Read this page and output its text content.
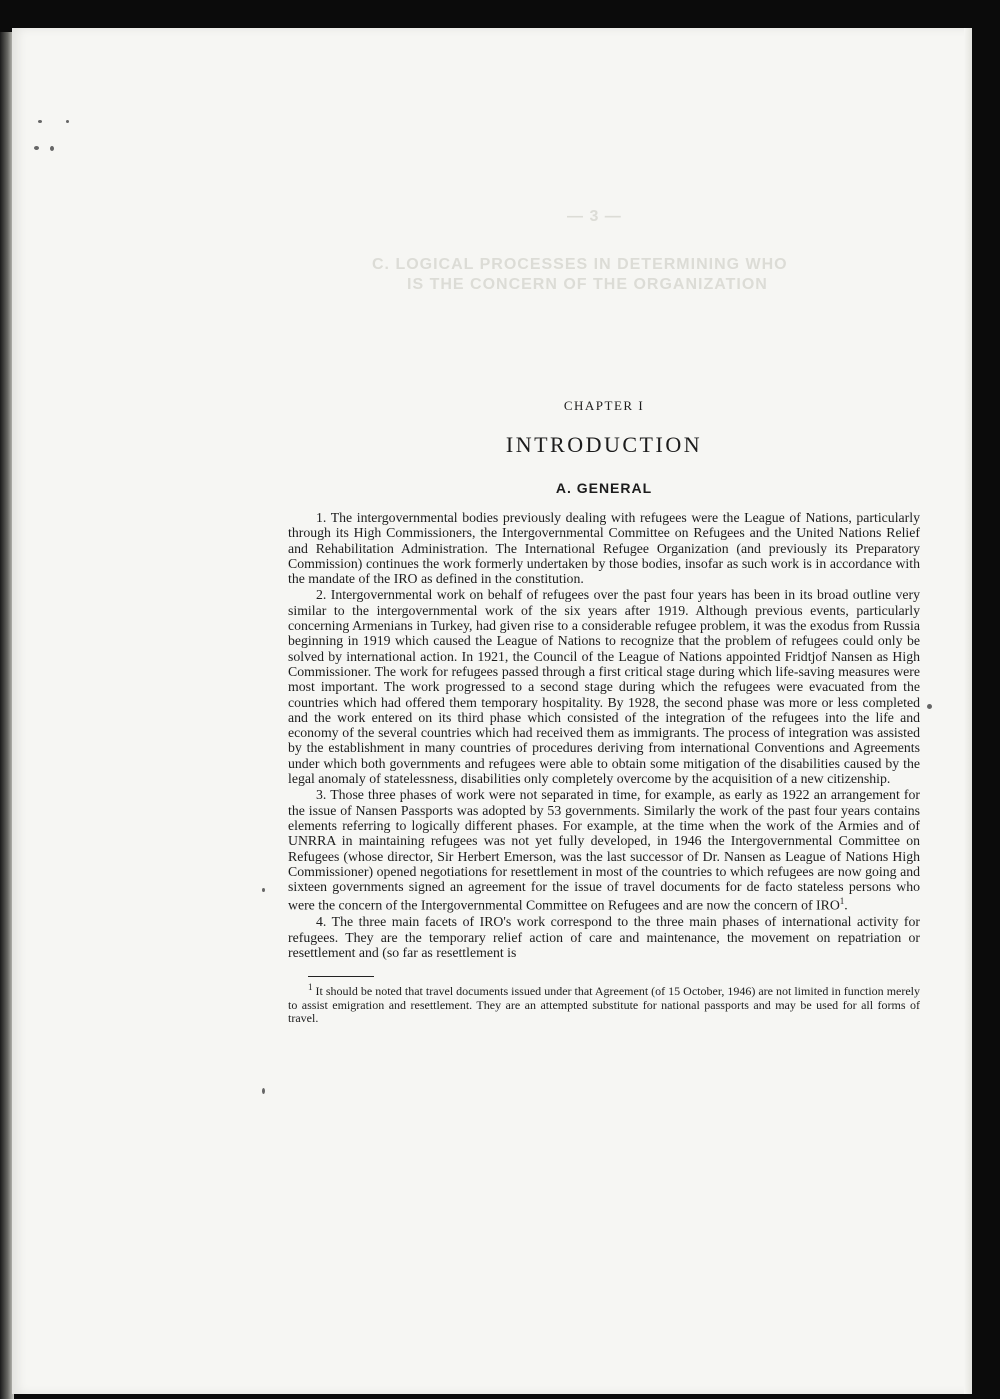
— 3 —
C. LOGICAL PROCESSES IN DETERMINING WHO
IS THE CONCERN OF THE ORGANIZATION
CHAPTER I
INTRODUCTION
A. GENERAL

1. The intergovernmental bodies previously dealing with refugees were the League of Nations, particularly through its High Commissioners, the Intergovernmental Committee on Refugees and the United Nations Relief and Rehabilitation Administration. The International Refugee Organization (and previously its Preparatory Commission) continues the work formerly undertaken by those bodies, insofar as such work is in accordance with the mandate of the IRO as defined in the constitution.

2. Intergovernmental work on behalf of refugees over the past four years has been in its broad outline very similar to the intergovernmental work of the six years after 1919. Although previous events, particularly concerning Armenians in Turkey, had given rise to a considerable refugee problem, it was the exodus from Russia beginning in 1919 which caused the League of Nations to recognize that the problem of refugees could only be solved by international action. In 1921, the Council of the League of Nations appointed Fridtjof Nansen as High Commissioner. The work for refugees passed through a first critical stage during which life-saving measures were most important. The work progressed to a second stage during which the refugees were evacuated from the countries which had offered them temporary hospitality. By 1928, the second phase was more or less completed and the work entered on its third phase which consisted of the integration of the refugees into the life and economy of the several countries which had received them as immigrants. The process of integration was assisted by the establishment in many countries of procedures deriving from international Conventions and Agreements under which both governments and refugees were able to obtain some mitigation of the disabilities caused by the legal anomaly of statelessness, disabilities only completely overcome by the acquisition of a new citizenship.

3. Those three phases of work were not separated in time, for example, as early as 1922 an arrangement for the issue of Nansen Passports was adopted by 53 governments. Similarly the work of the past four years contains elements referring to logically different phases. For example, at the time when the work of the Armies and of UNRRA in maintaining refugees was not yet fully developed, in 1946 the Intergovernmental Committee on Refugees (whose director, Sir Herbert Emerson, was the last successor of Dr. Nansen as League of Nations High Commissioner) opened negotiations for resettlement in most of the countries to which refugees are now going and sixteen governments signed an agreement for the issue of travel documents for de facto stateless persons who were the concern of the Intergovernmental Committee on Refugees and are now the concern of IRO$^1$.

4. The three main facets of IRO's work correspond to the three main phases of international activity for refugees. They are the temporary relief action of care and maintenance, the movement on repatriation or resettlement and (so far as resettlement is

$^1$ It should be noted that travel documents issued under that Agreement (of 15 October, 1946) are not limited in function merely to assist emigration and resettlement. They are an attempted substitute for national passports and may be used for all forms of travel.
